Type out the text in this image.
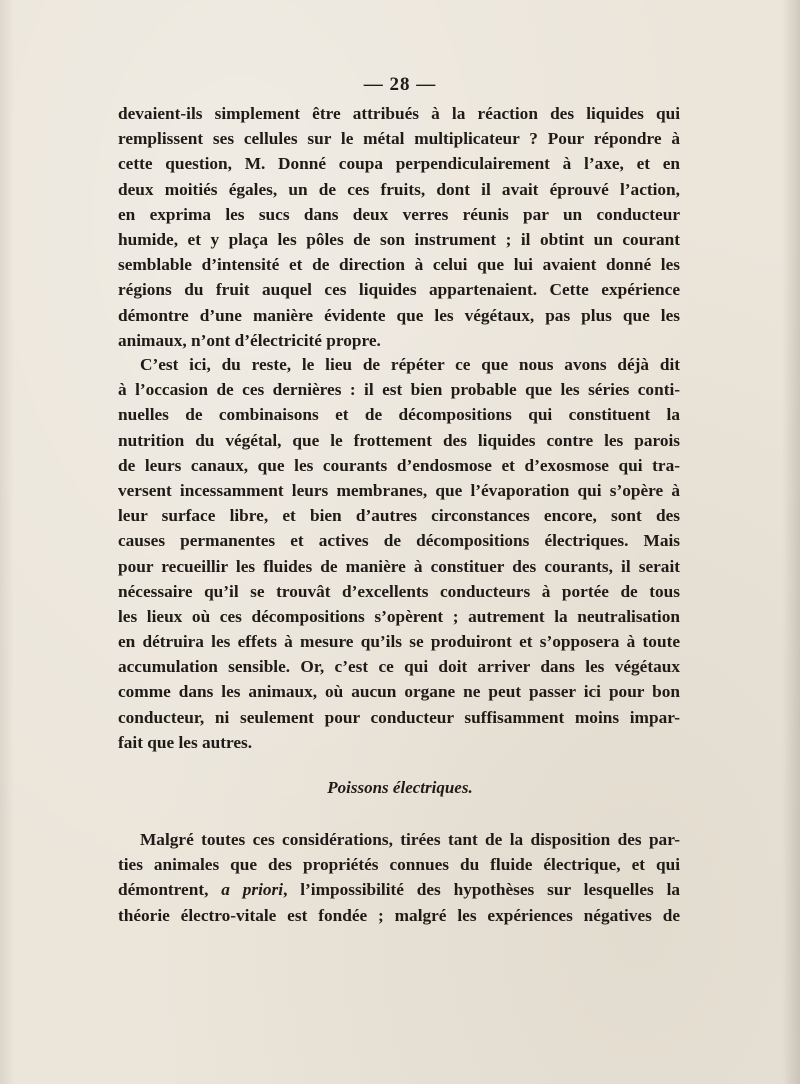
— 28 —
devaient-ils simplement être attribués à la réaction des liquides qui
remplissent ses cellules sur le métal multiplicateur ? Pour répondre à
cette question, M. Donné coupa perpendiculairement à l’axe, et en
deux moitiés égales, un de ces fruits, dont il avait éprouvé l’action,
en exprima les sucs dans deux verres réunis par un conducteur
humide, et y plaça les pôles de son instrument ; il obtint un courant
semblable d’intensité et de direction à celui que lui avaient donné les
régions du fruit auquel ces liquides appartenaient. Cette expérience
démontre d’une manière évidente que les végétaux, pas plus que les
animaux, n’ont d’électricité propre.
C’est ici, du reste, le lieu de répéter ce que nous avons déjà dit
à l’occasion de ces dernières : il est bien probable que les séries conti-
nuelles de combinaisons et de décompositions qui constituent la
nutrition du végétal, que le frottement des liquides contre les parois
de leurs canaux, que les courants d’endosmose et d’exosmose qui tra-
versent incessamment leurs membranes, que l’évaporation qui s’opère à
leur surface libre, et bien d’autres circonstances encore, sont des
causes permanentes et actives de décompositions électriques. Mais
pour recueillir les fluides de manière à constituer des courants, il serait
nécessaire qu’il se trouvât d’excellents conducteurs à portée de tous
les lieux où ces décompositions s’opèrent ; autrement la neutralisation
en détruira les effets à mesure qu’ils se produiront et s’opposera à toute
accumulation sensible. Or, c’est ce qui doit arriver dans les végétaux
comme dans les animaux, où aucun organe ne peut passer ici pour bon
conducteur, ni seulement pour conducteur suffisamment moins impar-
fait que les autres.
Poissons électriques.
Malgré toutes ces considérations, tirées tant de la disposition des par-
ties animales que des propriétés connues du fluide électrique, et qui
démontrent, a priori, l’impossibilité des hypothèses sur lesquelles la
théorie électro-vitale est fondée ; malgré les expériences négatives de
